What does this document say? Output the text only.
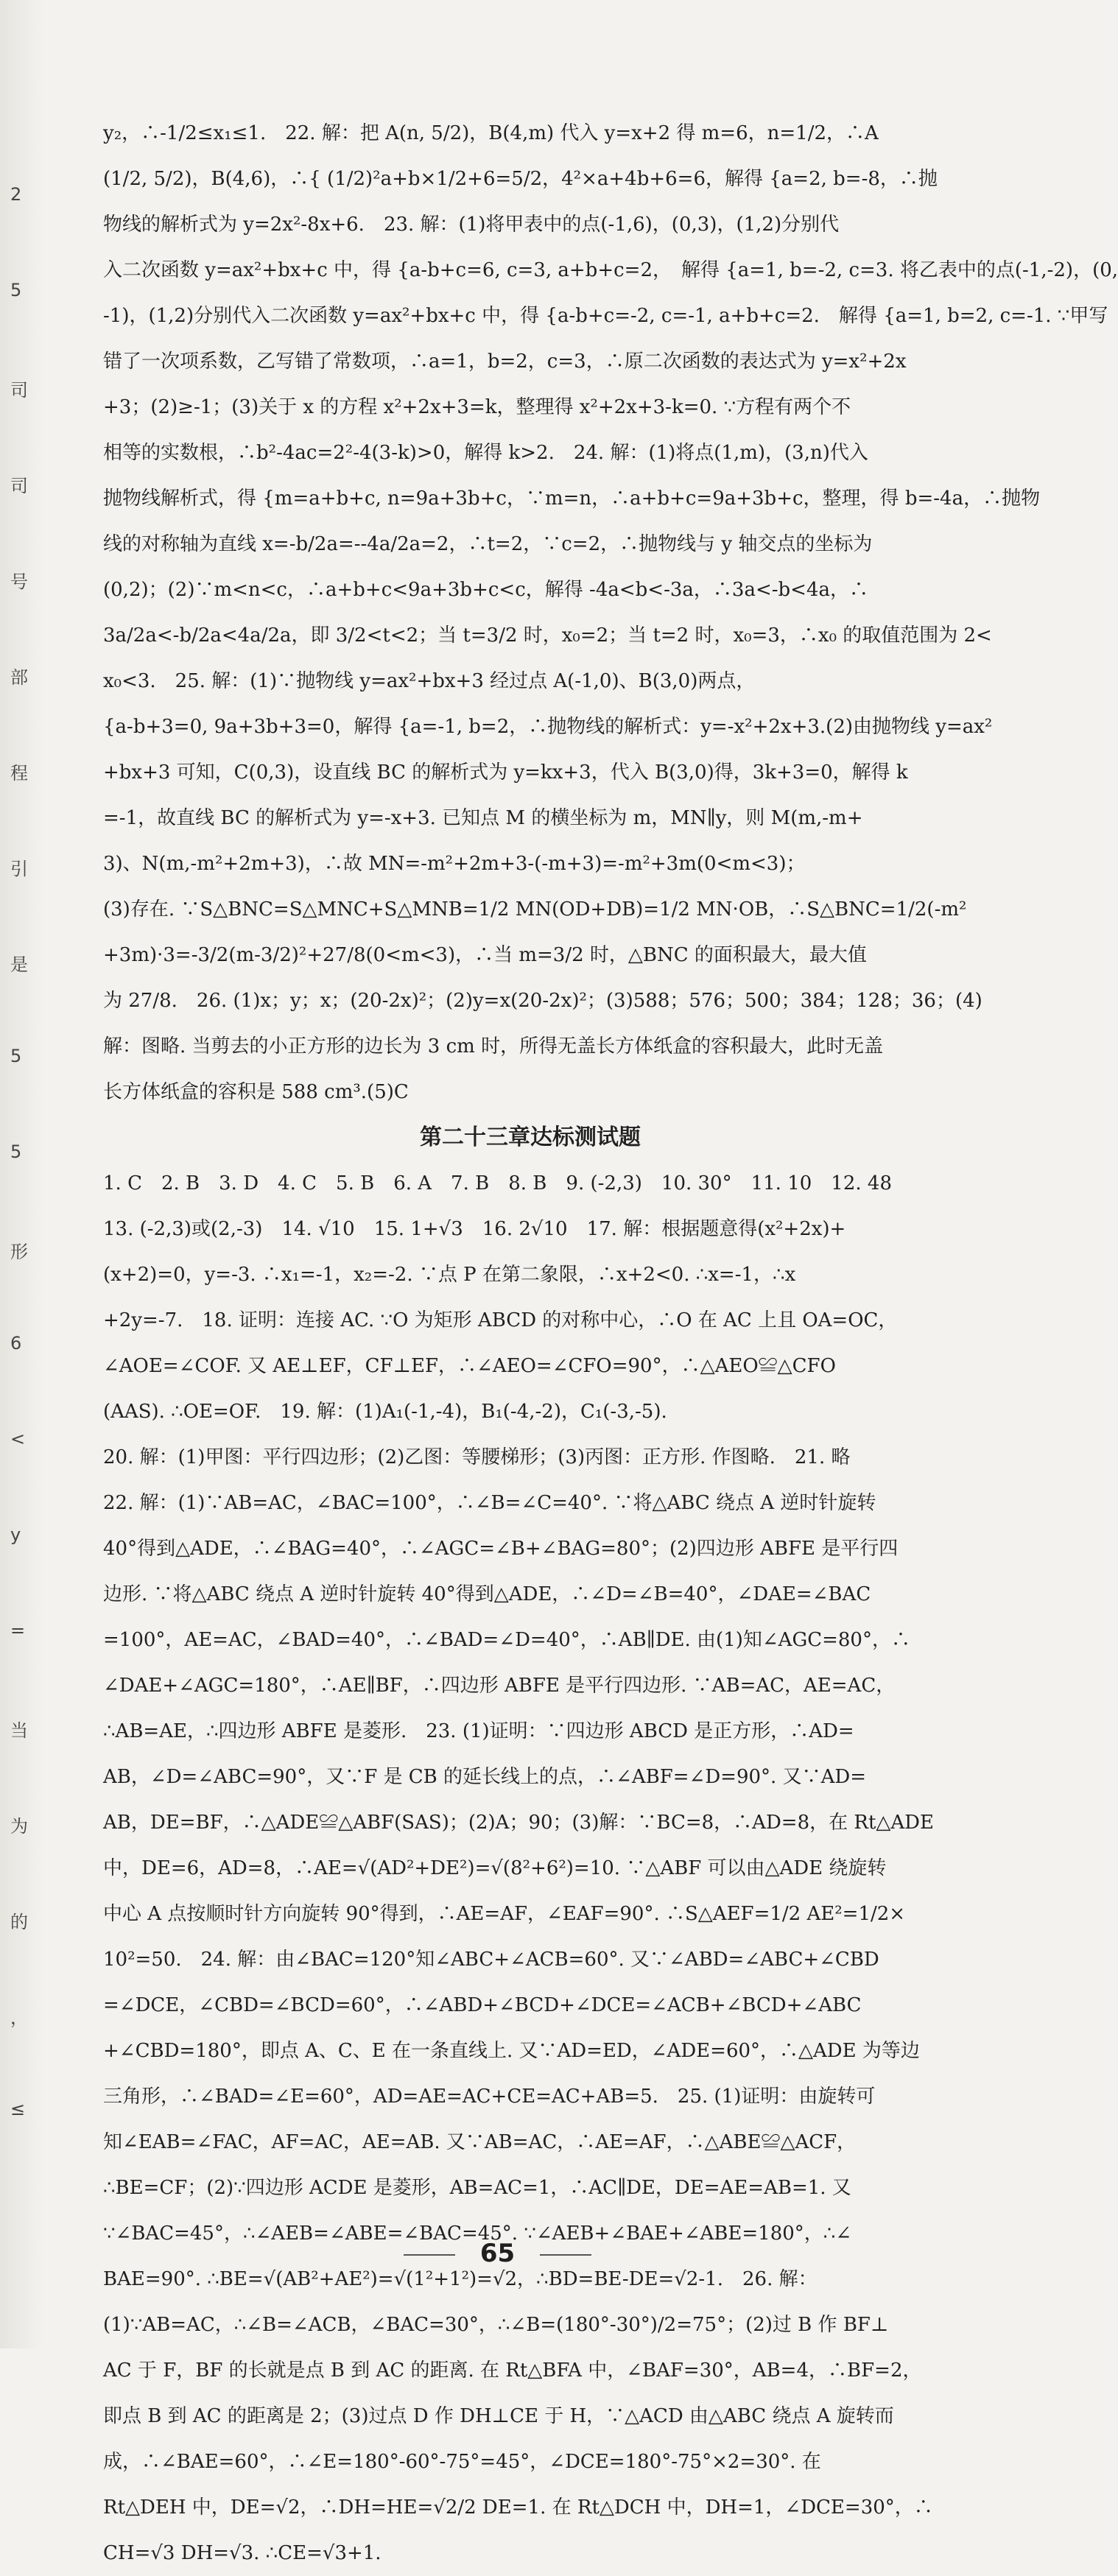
2
5
司
司
号
部
程
引
是
5
5
形
6
<
y
=
当
为
的
，
≤
y₂，∴-1/2≤x₁≤1.　22. 解：把 A(n, 5/2)，B(4,m) 代入 y=x+2 得 m=6，n=1/2，∴A
(1/2, 5/2)，B(4,6)，∴{ (1/2)²a+b×1/2+6=5/2，4²×a+4b+6=6，解得 {a=2, b=-8，∴抛
物线的解析式为 y=2x²-8x+6.　23. 解：(1)将甲表中的点(-1,6)，(0,3)，(1,2)分别代
入二次函数 y=ax²+bx+c 中，得 {a-b+c=6, c=3, a+b+c=2，　解得 {a=1, b=-2, c=3. 将乙表中的点(-1,-2)，(0,
-1)，(1,2)分别代入二次函数 y=ax²+bx+c 中，得 {a-b+c=-2, c=-1, a+b+c=2.　解得 {a=1, b=2, c=-1. ∵甲写
错了一次项系数，乙写错了常数项，∴a=1，b=2，c=3，∴原二次函数的表达式为 y=x²+2x
+3；(2)≥-1；(3)关于 x 的方程 x²+2x+3=k，整理得 x²+2x+3-k=0. ∵方程有两个不
相等的实数根，∴b²-4ac=2²-4(3-k)>0，解得 k>2.　24. 解：(1)将点(1,m)，(3,n)代入
抛物线解析式，得 {m=a+b+c, n=9a+3b+c，∵m=n，∴a+b+c=9a+3b+c，整理，得 b=-4a，∴抛物
线的对称轴为直线 x=-b/2a=--4a/2a=2，∴t=2，∵c=2，∴抛物线与 y 轴交点的坐标为
(0,2)；(2)∵m<n<c，∴a+b+c<9a+3b+c<c，解得 -4a<b<-3a，∴3a<-b<4a，∴
3a/2a<-b/2a<4a/2a，即 3/2<t<2；当 t=3/2 时，x₀=2；当 t=2 时，x₀=3，∴x₀ 的取值范围为 2<
x₀<3.　25. 解：(1)∵抛物线 y=ax²+bx+3 经过点 A(-1,0)、B(3,0)两点，
{a-b+3=0, 9a+3b+3=0，解得 {a=-1, b=2，∴抛物线的解析式：y=-x²+2x+3.(2)由抛物线 y=ax²
+bx+3 可知，C(0,3)，设直线 BC 的解析式为 y=kx+3，代入 B(3,0)得，3k+3=0，解得 k
=-1，故直线 BC 的解析式为 y=-x+3. 已知点 M 的横坐标为 m，MN∥y，则 M(m,-m+
3)、N(m,-m²+2m+3)，∴故 MN=-m²+2m+3-(-m+3)=-m²+3m(0<m<3)；
(3)存在. ∵S△BNC=S△MNC+S△MNB=1/2 MN(OD+DB)=1/2 MN·OB，∴S△BNC=1/2(-m²
+3m)·3=-3/2(m-3/2)²+27/8(0<m<3)，∴当 m=3/2 时，△BNC 的面积最大，最大值
为 27/8.　26. (1)x；y；x；(20-2x)²；(2)y=x(20-2x)²；(3)588；576；500；384；128；36；(4)
解：图略. 当剪去的小正方形的边长为 3 cm 时，所得无盖长方体纸盒的容积最大，此时无盖
长方体纸盒的容积是 588 cm³.(5)C
第二十三章达标测试题
1. C　2. B　3. D　4. C　5. B　6. A　7. B　8. B　9. (-2,3)　10. 30°　11. 10　12. 48
13. (-2,3)或(2,-3)　14. √10　15. 1+√3　16. 2√10　17. 解：根据题意得(x²+2x)+
(x+2)=0，y=-3. ∴x₁=-1，x₂=-2. ∵点 P 在第二象限，∴x+2<0. ∴x=-1，∴x
+2y=-7.　18. 证明：连接 AC. ∵O 为矩形 ABCD 的对称中心，∴O 在 AC 上且 OA=OC，
∠AOE=∠COF. 又 AE⊥EF，CF⊥EF，∴∠AEO=∠CFO=90°，∴△AEO≌△CFO
(AAS). ∴OE=OF.　19. 解：(1)A₁(-1,-4)，B₁(-4,-2)，C₁(-3,-5).
20. 解：(1)甲图：平行四边形；(2)乙图：等腰梯形；(3)丙图：正方形. 作图略.　21. 略
22. 解：(1)∵AB=AC，∠BAC=100°，∴∠B=∠C=40°. ∵将△ABC 绕点 A 逆时针旋转
40°得到△ADE，∴∠BAG=40°，∴∠AGC=∠B+∠BAG=80°；(2)四边形 ABFE 是平行四
边形. ∵将△ABC 绕点 A 逆时针旋转 40°得到△ADE，∴∠D=∠B=40°，∠DAE=∠BAC
=100°，AE=AC，∠BAD=40°，∴∠BAD=∠D=40°，∴AB∥DE. 由(1)知∠AGC=80°，∴
∠DAE+∠AGC=180°，∴AE∥BF，∴四边形 ABFE 是平行四边形. ∵AB=AC，AE=AC，
∴AB=AE，∴四边形 ABFE 是菱形.　23. (1)证明：∵四边形 ABCD 是正方形，∴AD=
AB，∠D=∠ABC=90°，又∵F 是 CB 的延长线上的点，∴∠ABF=∠D=90°. 又∵AD=
AB，DE=BF，∴△ADE≌△ABF(SAS)；(2)A；90；(3)解：∵BC=8，∴AD=8，在 Rt△ADE
中，DE=6，AD=8，∴AE=√(AD²+DE²)=√(8²+6²)=10. ∵△ABF 可以由△ADE 绕旋转
中心 A 点按顺时针方向旋转 90°得到，∴AE=AF，∠EAF=90°. ∴S△AEF=1/2 AE²=1/2×
10²=50.　24. 解：由∠BAC=120°知∠ABC+∠ACB=60°. 又∵∠ABD=∠ABC+∠CBD
=∠DCE，∠CBD=∠BCD=60°，∴∠ABD+∠BCD+∠DCE=∠ACB+∠BCD+∠ABC
+∠CBD=180°，即点 A、C、E 在一条直线上. 又∵AD=ED，∠ADE=60°，∴△ADE 为等边
三角形，∴∠BAD=∠E=60°，AD=AE=AC+CE=AC+AB=5.　25. (1)证明：由旋转可
知∠EAB=∠FAC，AF=AC，AE=AB. 又∵AB=AC，∴AE=AF，∴△ABE≌△ACF，
∴BE=CF；(2)∵四边形 ACDE 是菱形，AB=AC=1，∴AC∥DE，DE=AE=AB=1. 又
∵∠BAC=45°，∴∠AEB=∠ABE=∠BAC=45°. ∵∠AEB+∠BAE+∠ABE=180°，∴∠
BAE=90°. ∴BE=√(AB²+AE²)=√(1²+1²)=√2，∴BD=BE-DE=√2-1.　26. 解：
(1)∵AB=AC，∴∠B=∠ACB，∠BAC=30°，∴∠B=(180°-30°)/2=75°；(2)过 B 作 BF⊥
AC 于 F，BF 的长就是点 B 到 AC 的距离. 在 Rt△BFA 中，∠BAF=30°，AB=4，∴BF=2，
即点 B 到 AC 的距离是 2；(3)过点 D 作 DH⊥CE 于 H，∵△ACD 由△ABC 绕点 A 旋转而
成，∴∠BAE=60°，∴∠E=180°-60°-75°=45°，∠DCE=180°-75°×2=30°. 在
Rt△DEH 中，DE=√2，∴DH=HE=√2/2 DE=1. 在 Rt△DCH 中，DH=1，∠DCE=30°，∴
CH=√3 DH=√3. ∴CE=√3+1.
65
